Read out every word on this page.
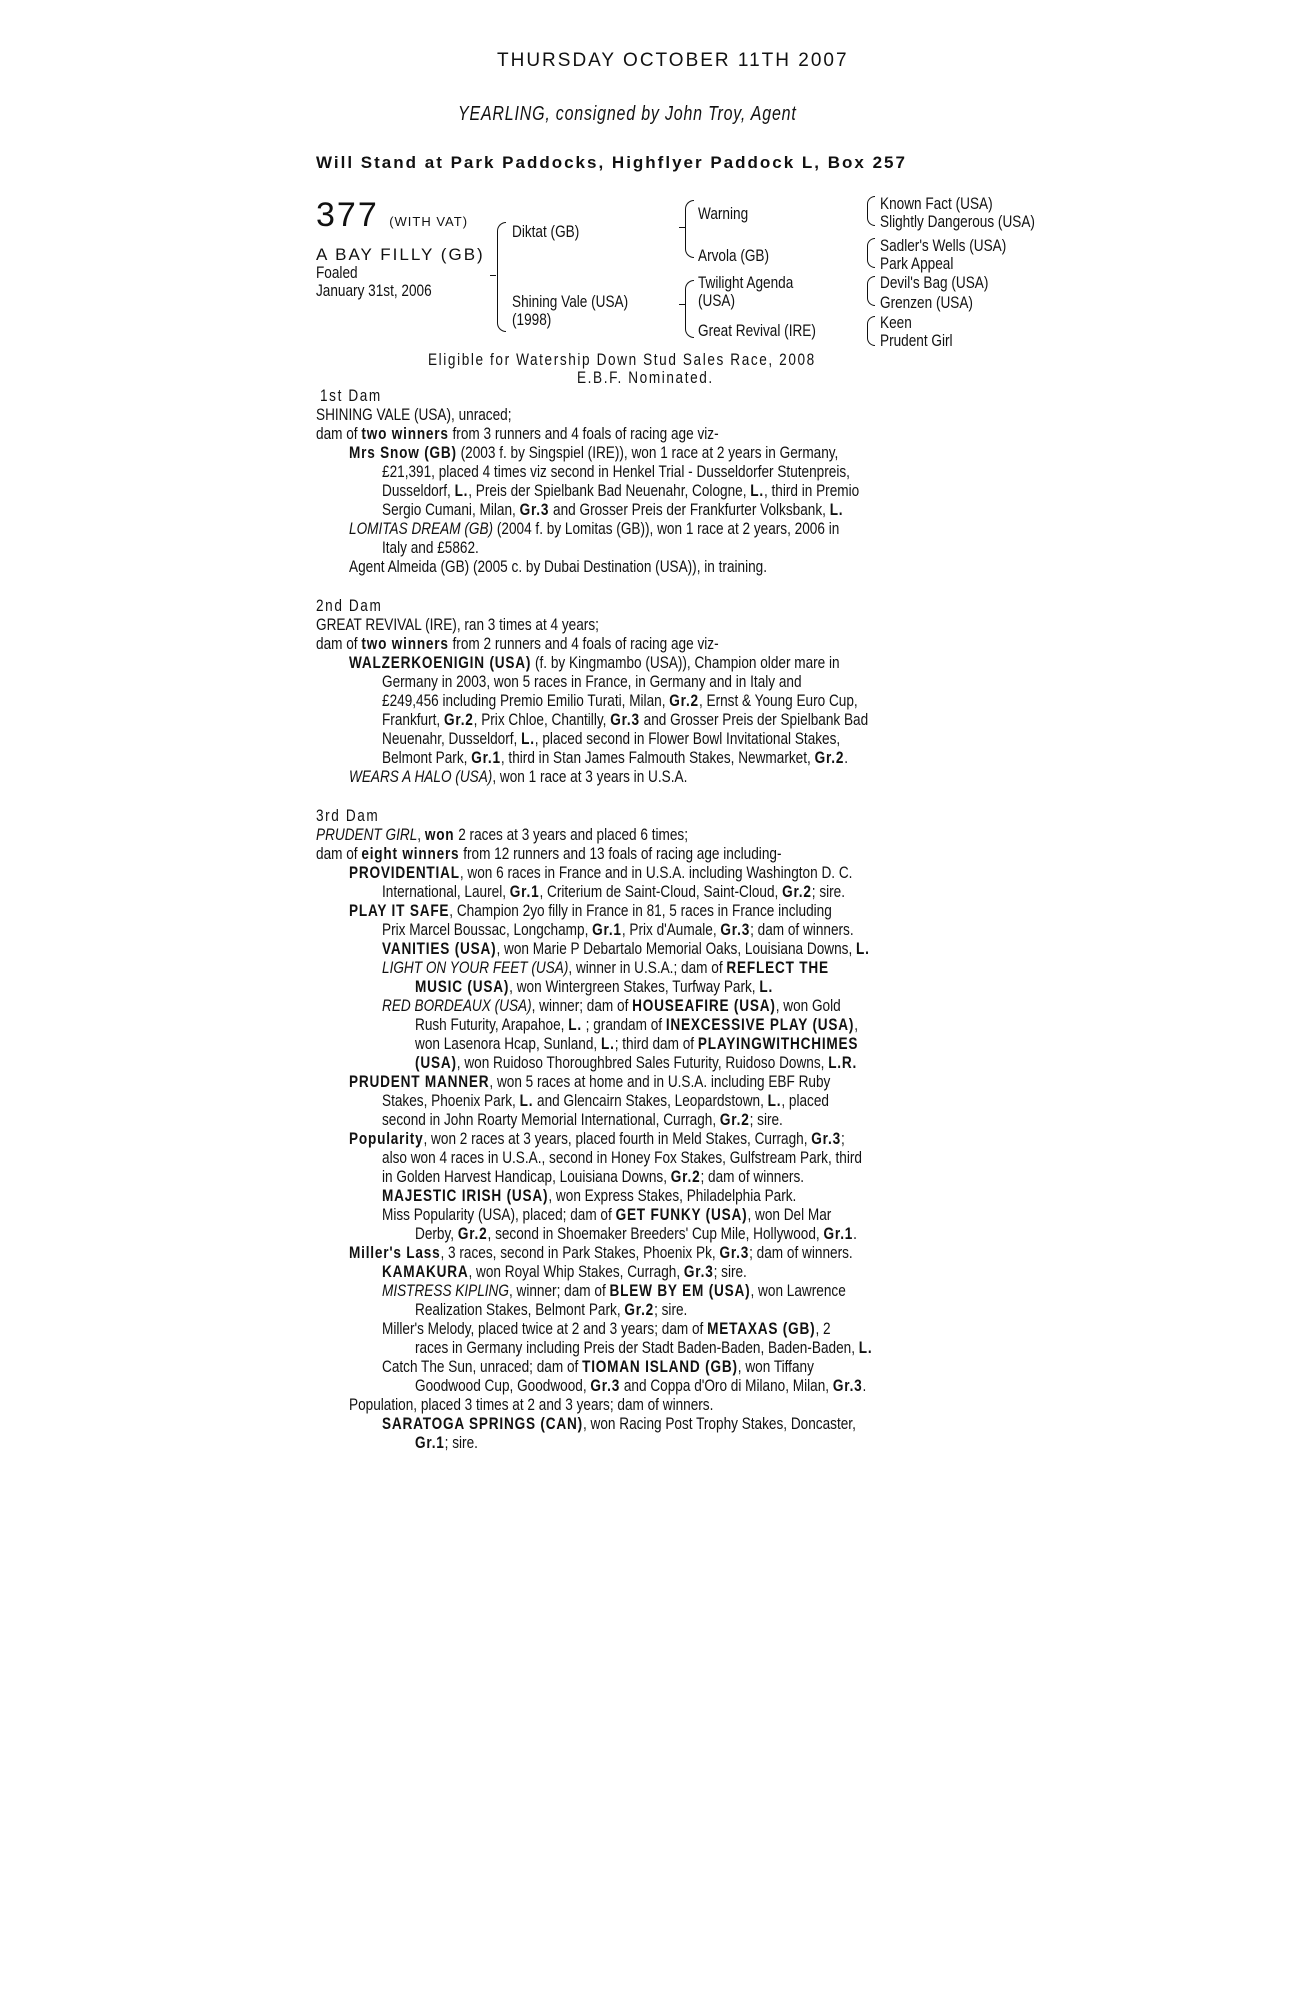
THURSDAY OCTOBER 11TH 2007
YEARLING, consigned by John Troy, Agent
Will Stand at Park Paddocks, Highflyer Paddock L, Box 257
377 (WITH VAT)
A BAY FILLY (GB)
Foaled
January 31st, 2006
Diktat (GB)
Shining Vale (USA)
(1998)
Warning
Arvola (GB)
Twilight Agenda
(USA)
Great Revival (IRE)
Known Fact (USA)
Slightly Dangerous (USA)
Sadler's Wells (USA)
Park Appeal
Devil's Bag (USA)
Grenzen (USA)
Keen
Prudent Girl
Eligible for Watership Down Stud Sales Race, 2008
E.B.F. Nominated.
1st Dam
SHINING VALE (USA), unraced;
dam of two winners from 3 runners and 4 foals of racing age viz-
Mrs Snow (GB) (2003 f. by Singspiel (IRE)), won 1 race at 2 years in Germany,
£21,391, placed 4 times viz second in Henkel Trial - Dusseldorfer Stutenpreis,
Dusseldorf, L., Preis der Spielbank Bad Neuenahr, Cologne, L., third in Premio
Sergio Cumani, Milan, Gr.3 and Grosser Preis der Frankfurter Volksbank, L.
LOMITAS DREAM (GB) (2004 f. by Lomitas (GB)), won 1 race at 2 years, 2006 in
Italy and £5862.
Agent Almeida (GB) (2005 c. by Dubai Destination (USA)), in training.
2nd Dam
GREAT REVIVAL (IRE), ran 3 times at 4 years;
dam of two winners from 2 runners and 4 foals of racing age viz-
WALZERKOENIGIN (USA) (f. by Kingmambo (USA)), Champion older mare in
Germany in 2003, won 5 races in France, in Germany and in Italy and
£249,456 including Premio Emilio Turati, Milan, Gr.2, Ernst & Young Euro Cup,
Frankfurt, Gr.2, Prix Chloe, Chantilly, Gr.3 and Grosser Preis der Spielbank Bad
Neuenahr, Dusseldorf, L., placed second in Flower Bowl Invitational Stakes,
Belmont Park, Gr.1, third in Stan James Falmouth Stakes, Newmarket, Gr.2.
WEARS A HALO (USA), won 1 race at 3 years in U.S.A.
3rd Dam
PRUDENT GIRL, won 2 races at 3 years and placed 6 times;
dam of eight winners from 12 runners and 13 foals of racing age including-
PROVIDENTIAL, won 6 races in France and in U.S.A. including Washington D. C.
International, Laurel, Gr.1, Criterium de Saint-Cloud, Saint-Cloud, Gr.2; sire.
PLAY IT SAFE, Champion 2yo filly in France in 81, 5 races in France including
Prix Marcel Boussac, Longchamp, Gr.1, Prix d'Aumale, Gr.3; dam of winners.
VANITIES (USA), won Marie P Debartalo Memorial Oaks, Louisiana Downs, L.
LIGHT ON YOUR FEET (USA), winner in U.S.A.; dam of REFLECT THE
MUSIC (USA), won Wintergreen Stakes, Turfway Park, L.
RED BORDEAUX (USA), winner; dam of HOUSEAFIRE (USA), won Gold
Rush Futurity, Arapahoe, L. ; grandam of INEXCESSIVE PLAY (USA),
won Lasenora Hcap, Sunland, L.; third dam of PLAYINGWITHCHIMES
(USA), won Ruidoso Thoroughbred Sales Futurity, Ruidoso Downs, L.R.
PRUDENT MANNER, won 5 races at home and in U.S.A. including EBF Ruby
Stakes, Phoenix Park, L. and Glencairn Stakes, Leopardstown, L., placed
second in John Roarty Memorial International, Curragh, Gr.2; sire.
Popularity, won 2 races at 3 years, placed fourth in Meld Stakes, Curragh, Gr.3;
also won 4 races in U.S.A., second in Honey Fox Stakes, Gulfstream Park, third
in Golden Harvest Handicap, Louisiana Downs, Gr.2; dam of winners.
MAJESTIC IRISH (USA), won Express Stakes, Philadelphia Park.
Miss Popularity (USA), placed; dam of GET FUNKY (USA), won Del Mar
Derby, Gr.2, second in Shoemaker Breeders' Cup Mile, Hollywood, Gr.1.
Miller's Lass, 3 races, second in Park Stakes, Phoenix Pk, Gr.3; dam of winners.
KAMAKURA, won Royal Whip Stakes, Curragh, Gr.3; sire.
MISTRESS KIPLING, winner; dam of BLEW BY EM (USA), won Lawrence
Realization Stakes, Belmont Park, Gr.2; sire.
Miller's Melody, placed twice at 2 and 3 years; dam of METAXAS (GB), 2
races in Germany including Preis der Stadt Baden-Baden, Baden-Baden, L.
Catch The Sun, unraced; dam of TIOMAN ISLAND (GB), won Tiffany
Goodwood Cup, Goodwood, Gr.3 and Coppa d'Oro di Milano, Milan, Gr.3.
Population, placed 3 times at 2 and 3 years; dam of winners.
SARATOGA SPRINGS (CAN), won Racing Post Trophy Stakes, Doncaster,
Gr.1; sire.
